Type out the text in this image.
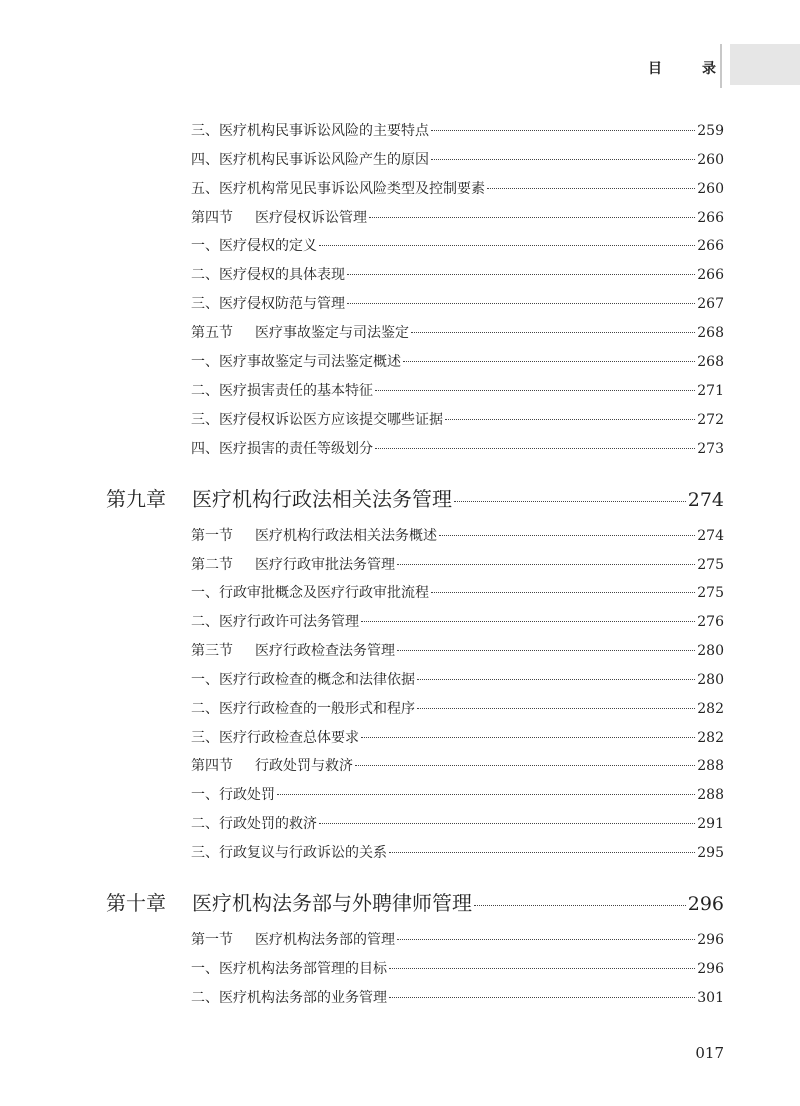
目	录
三、医疗机构民事诉讼风险的主要特点	259
四、医疗机构民事诉讼风险产生的原因	260
五、医疗机构常见民事诉讼风险类型及控制要素	260
第四节 医疗侵权诉讼管理	266
一、医疗侵权的定义	266
二、医疗侵权的具体表现	266
三、医疗侵权防范与管理	267
第五节 医疗事故鉴定与司法鉴定	268
一、医疗事故鉴定与司法鉴定概述	268
二、医疗损害责任的基本特征	271
三、医疗侵权诉讼医方应该提交哪些证据	272
四、医疗损害的责任等级划分	273
第九章 医疗机构行政法相关法务管理	274
第一节 医疗机构行政法相关法务概述	274
第二节 医疗行政审批法务管理	275
一、行政审批概念及医疗行政审批流程	275
二、医疗行政许可法务管理	276
第三节 医疗行政检查法务管理	280
一、医疗行政检查的概念和法律依据	280
二、医疗行政检查的一般形式和程序	282
三、医疗行政检查总体要求	282
第四节 行政处罚与救济	288
一、行政处罚	288
二、行政处罚的救济	291
三、行政复议与行政诉讼的关系	295
第十章 医疗机构法务部与外聘律师管理	296
第一节 医疗机构法务部的管理	296
一、医疗机构法务部管理的目标	296
二、医疗机构法务部的业务管理	301
017
